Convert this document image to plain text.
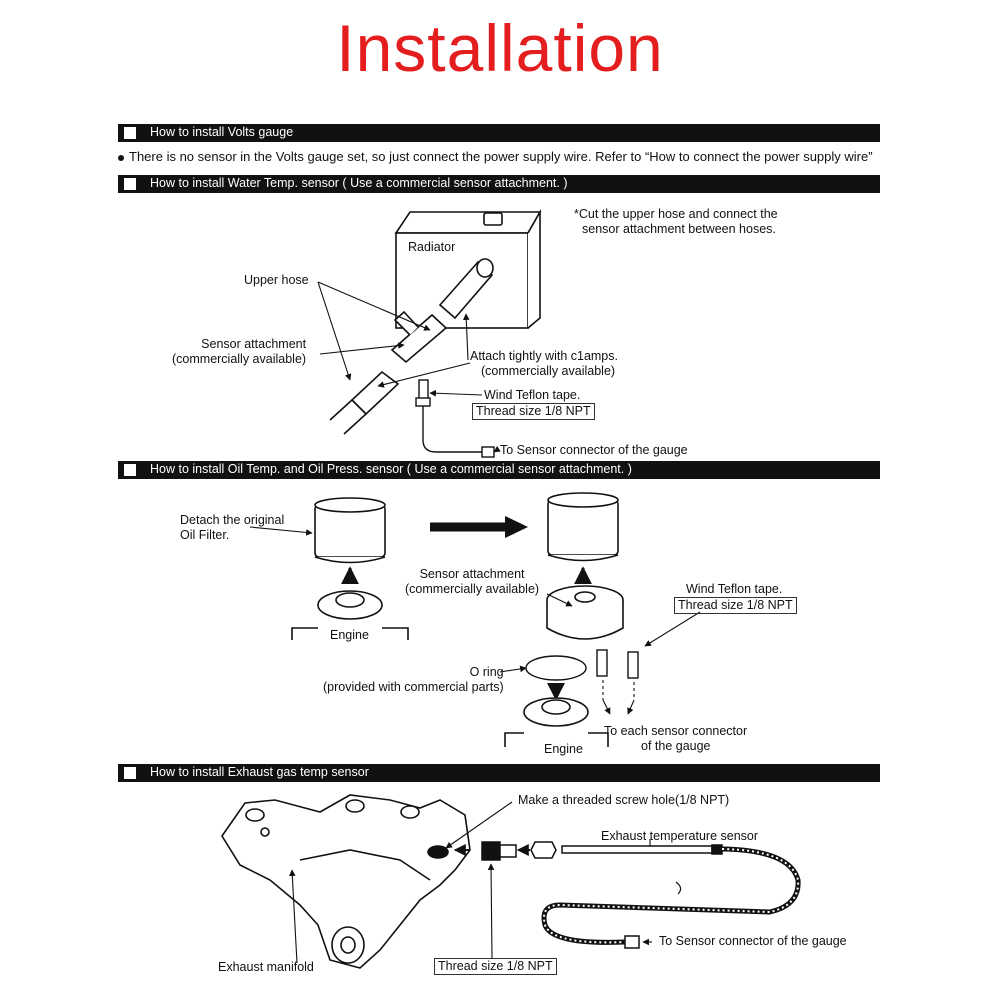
Installation
How to install Volts gauge
There is no sensor in the Volts gauge set, so just connect the power supply wire. Refer to “How to connect the power supply wire”
How to install Water Temp. sensor ( Use a commercial sensor attachment. )
How to install Oil Temp. and Oil Press. sensor ( Use a commercial sensor attachment. )
How to install Exhaust gas temp sensor
*Cut the upper hose and connect the
sensor attachment between hoses.
Radiator
Upper hose
Sensor attachment
(commercially available)	Attach tightly with c1amps.
(commercially available)
Wind Teflon tape.
Thread size 1/8 NPT
To Sensor connector of the gauge
Detach the original
Oil Filter.
Engine
Sensor attachment
(commercially available)	Wind Teflon tape.
Thread size 1/8 NPT
O ring
(provided with commercial parts)
To each sensor connector
of the gauge
Engine
Make a threaded screw hole(1/8 NPT)
Exhaust temperature sensor
Exhaust manifold	Thread size 1/8 NPT
To Sensor connector of the gauge
